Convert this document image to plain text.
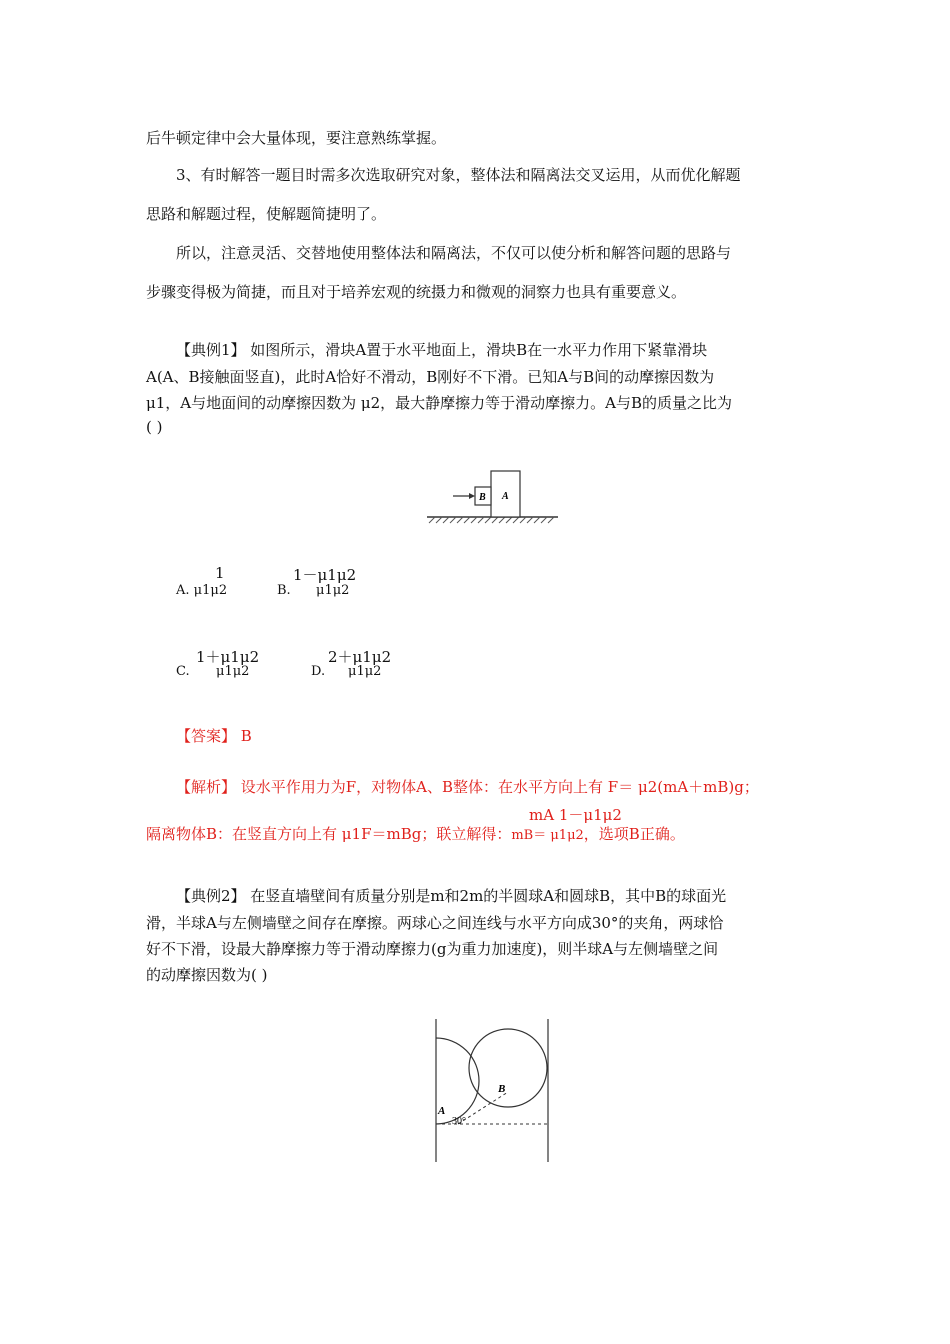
后牛顿定律中会大量体现，要注意熟练掌握。
3、有时解答一题目时需多次选取研究对象，整体法和隔离法交叉运用，从而优化解题
思路和解题过程，使解题简捷明了。
所以，注意灵活、交替地使用整体法和隔离法，不仅可以使分析和解答问题的思路与
步骤变得极为简捷，而且对于培养宏观的统摄力和微观的洞察力也具有重要意义。
【典例1】 如图所示，滑块A置于水平地面上，滑块B在一水平力作用下紧靠滑块
A(A、B接触面竖直)，此时A恰好不滑动，B刚好不下滑。已知A与B间的动摩擦因数为
μ1，A与地面间的动摩擦因数为 μ2，最大静摩擦力等于滑动摩擦力。A与B的质量之比为
( )
A
B
1
A. μ1μ2
1－μ1μ2
B. μ1μ2
1＋μ1μ2
C. μ1μ2
2＋μ1μ2
D. μ1μ2
【答案】 B
【解析】 设水平作用力为F，对物体A、B整体：在水平方向上有 F＝ μ2(mA＋mB)g；
mA 1－μ1μ2
隔离物体B：在竖直方向上有 μ1F＝mBg；联立解得：mB＝ μ1μ2，选项B正确。
【典例2】 在竖直墙壁间有质量分别是m和2m的半圆球A和圆球B，其中B的球面光
滑，半球A与左侧墙壁之间存在摩擦。两球心之间连线与水平方向成30°的夹角，两球恰
好不下滑，设最大静摩擦力等于滑动摩擦力(g为重力加速度)，则半球A与左侧墙壁之间
的动摩擦因数为( )
A
B
30°
